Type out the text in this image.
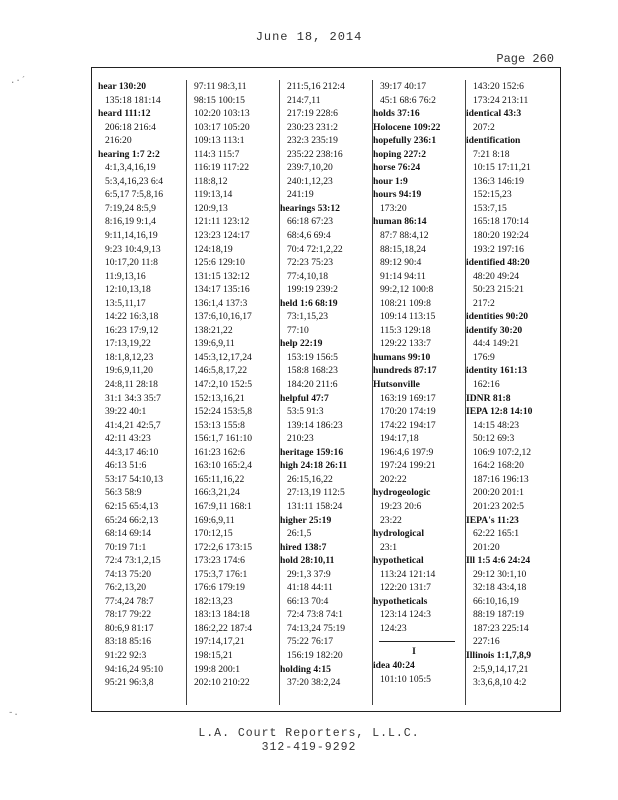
June 18, 2014
Page 260
.·´
-.
hear 130:20
135:18 181:14
heard 111:12
206:18 216:4
216:20
hearing 1:7 2:2
4:1,3,4,16,19
5:3,4,16,23 6:4
6:5,17 7:5,8,16
7:19,24 8:5,9
8:16,19 9:1,4
9:11,14,16,19
9:23 10:4,9,13
10:17,20 11:8
11:9,13,16
12:10,13,18
13:5,11,17
14:22 16:3,18
16:23 17:9,12
17:13,19,22
18:1,8,12,23
19:6,9,11,20
24:8,11 28:18
31:1 34:3 35:7
39:22 40:1
41:4,21 42:5,7
42:11 43:23
44:3,17 46:10
46:13 51:6
53:17 54:10,13
56:3 58:9
62:15 65:4,13
65:24 66:2,13
68:14 69:14
70:19 71:1
72:4 73:1,2,15
74:13 75:20
76:2,13,20
77:4,24 78:7
78:17 79:22
80:6,9 81:17
83:18 85:16
91:22 92:3
94:16,24 95:10
95:21 96:3,8
97:11 98:3,11
98:15 100:15
102:20 103:13
103:17 105:20
109:13 113:1
114:3 115:7
116:19 117:22
118:8,12
119:13,14
120:9,13
121:11 123:12
123:23 124:17
124:18,19
125:6 129:10
131:15 132:12
134:17 135:16
136:1,4 137:3
137:6,10,16,17
138:21,22
139:6,9,11
145:3,12,17,24
146:5,8,17,22
147:2,10 152:5
152:13,16,21
152:24 153:5,8
153:13 155:8
156:1,7 161:10
161:23 162:6
163:10 165:2,4
165:11,16,22
166:3,21,24
167:9,11 168:1
169:6,9,11
170:12,15
172:2,6 173:15
173:23 174:6
175:3,7 176:1
176:6 179:19
182:13,23
183:13 184:18
186:2,22 187:4
197:14,17,21
198:15,21
199:8 200:1
202:10 210:22
211:5,16 212:4
214:7,11
217:19 228:6
230:23 231:2
232:3 235:19
235:22 238:16
239:7,10,20
240:1,12,23
241:19
hearings 53:12
66:18 67:23
68:4,6 69:4
70:4 72:1,2,22
72:23 75:23
77:4,10,18
199:19 239:2
held 1:6 68:19
73:1,15,23
77:10
help 22:19
153:19 156:5
158:8 168:23
184:20 211:6
helpful 47:7
53:5 91:3
139:14 186:23
210:23
heritage 159:16
high 24:18 26:11
26:15,16,22
27:13,19 112:5
131:11 158:24
higher 25:19
26:1,5
hired 138:7
hold 28:10,11
29:1,3 37:9
41:18 44:11
66:13 70:4
72:4 73:8 74:1
74:13,24 75:19
75:22 76:17
156:19 182:20
holding 4:15
37:20 38:2,24
39:17 40:17
45:1 68:6 76:2
holds 37:16
Holocene 109:22
hopefully 236:1
hoping 227:2
horse 76:24
hour 1:9
hours 94:19
173:20
human 86:14
87:7 88:4,12
88:15,18,24
89:12 90:4
91:14 94:11
99:2,12 100:8
108:21 109:8
109:14 113:15
115:3 129:18
129:22 133:7
humans 99:10
hundreds 87:17
Hutsonville
163:19 169:17
170:20 174:19
174:22 194:17
194:17,18
196:4,6 197:9
197:24 199:21
202:22
hydrogeologic
19:23 20:6
23:22
hydrological
23:1
hypothetical
113:24 121:14
122:20 131:7
hypotheticals
123:14 124:3
124:23
I
idea 40:24
101:10 105:5
143:20 152:6
173:24 213:11
identical 43:3
207:2
identification
7:21 8:18
10:15 17:11,21
136:3 146:19
152:15,23
153:7,15
165:18 170:14
180:20 192:24
193:2 197:16
identified 48:20
48:20 49:24
50:23 215:21
217:2
identities 90:20
identify 30:20
44:4 149:21
176:9
identity 161:13
162:16
IDNR 81:8
IEPA 12:8 14:10
14:15 48:23
50:12 69:3
106:9 107:2,12
164:2 168:20
187:16 196:13
200:20 201:1
201:23 202:5
IEPA's 11:23
62:22 165:1
201:20
Ill 1:5 4:6 24:24
29:12 30:1,10
32:18 43:4,18
66:10,16,19
88:19 187:19
187:23 225:14
227:16
Illinois 1:1,7,8,9
2:5,9,14,17,21
3:3,6,8,10 4:2
L.A. Court Reporters, L.L.C.
312-419-9292
